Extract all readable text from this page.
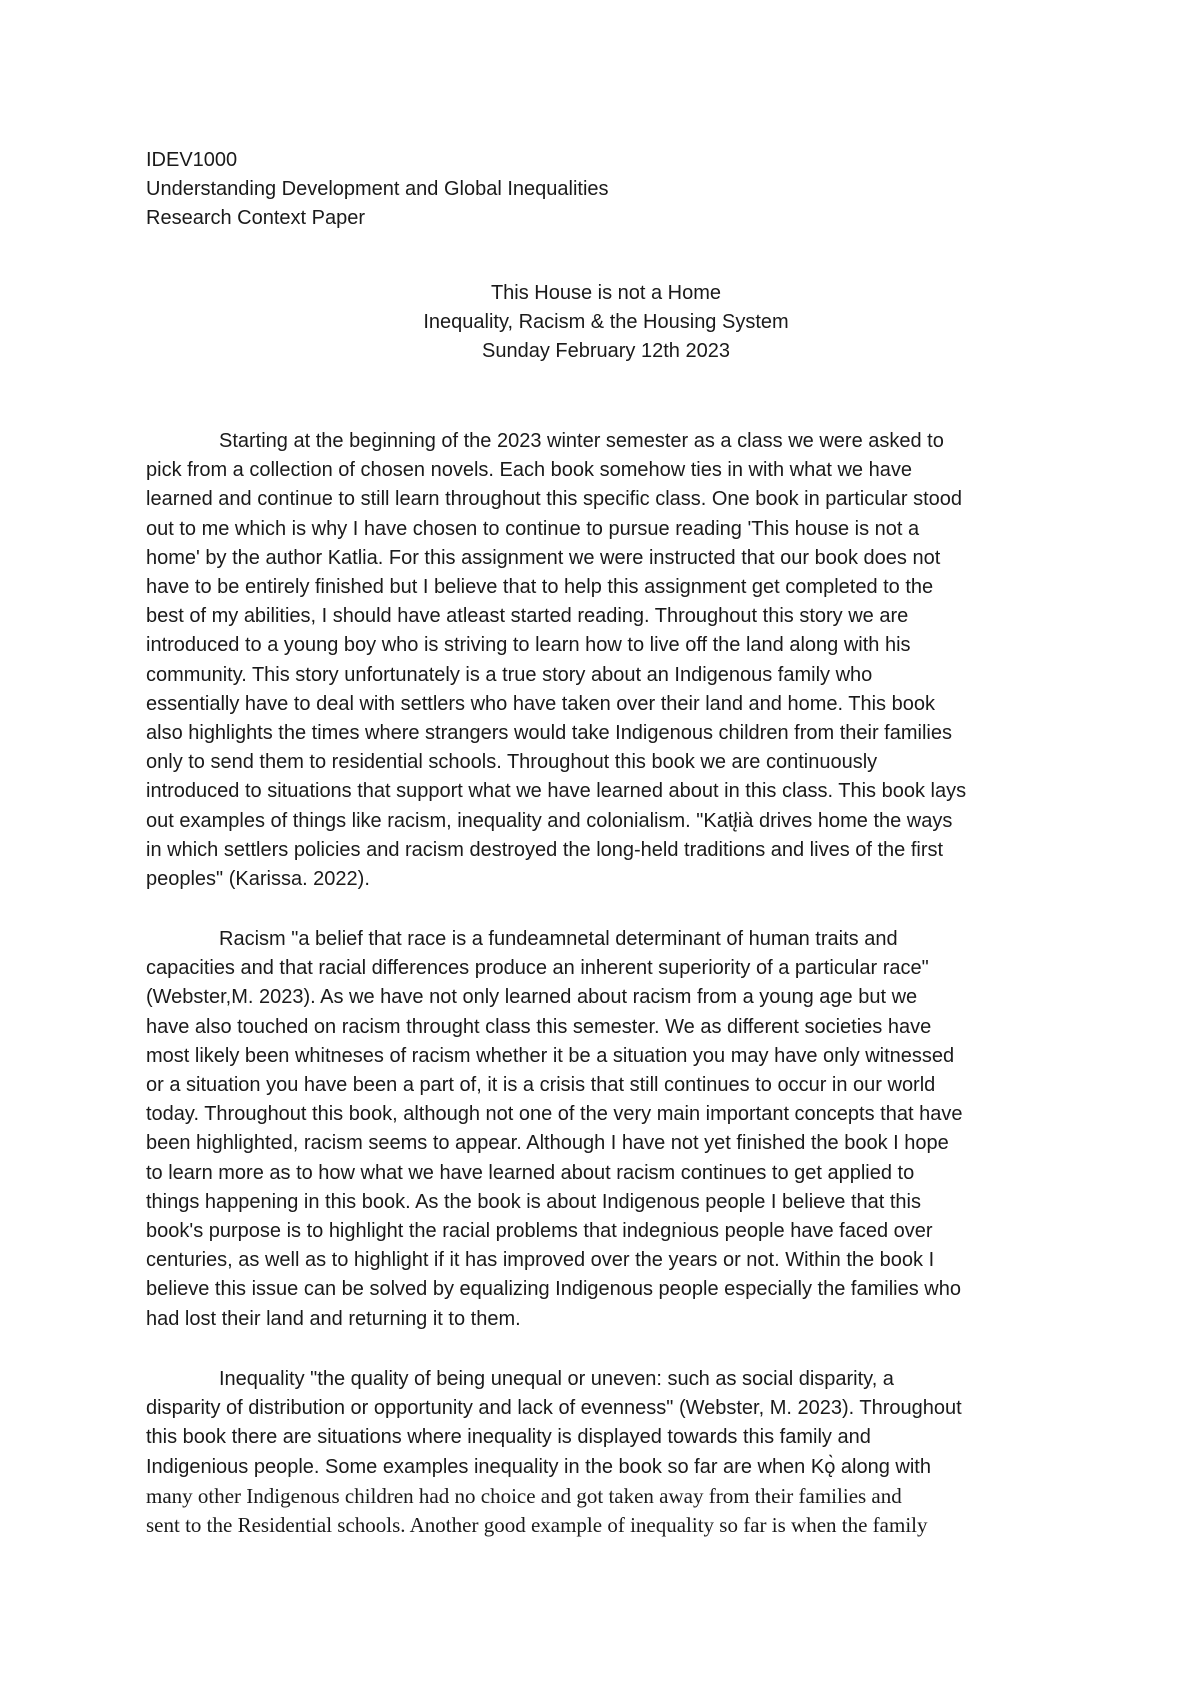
IDEV1000
Understanding Development and Global Inequalities
Research Context Paper
This House is not a Home
Inequality, Racism & the Housing System
Sunday February 12th 2023
Starting at the beginning of the 2023 winter semester as a class we were asked to
pick from a collection of chosen novels. Each book somehow ties in with what we have
learned and continue to still learn throughout this specific class. One book in particular stood
out to me which is why I have chosen to continue to pursue reading 'This house is not a
home' by the author Katlia. For this assignment we were instructed that our book does not
have to be entirely finished but I believe that to help this assignment get completed to the
best of my abilities, I should have atleast started reading. Throughout this story we are
introduced to a young boy who is striving to learn how to live off the land along with his
community. This story unfortunately is a true story about an Indigenous family who
essentially have to deal with settlers who have taken over their land and home. This book
also highlights the times where strangers would take Indigenous children from their families
only to send them to residential schools. Throughout this book we are continuously
introduced to situations that support what we have learned about in this class. This book lays
out examples of things like racism, inequality and colonialism. "Katł̨ià drives home the ways
in which settlers policies and racism destroyed the long-held traditions and lives of the first
peoples" (Karissa. 2022).
Racism "a belief that race is a fundeamnetal determinant of human traits and
capacities and that racial differences produce an inherent superiority of a particular race"
(Webster,M. 2023). As we have not only learned about racism from a young age but we
have also touched on racism throught class this semester. We as different societies have
most likely been whitneses of racism whether it be a situation you may have only witnessed
or a situation you have been a part of, it is a crisis that still continues to occur in our world
today. Throughout this book, although not one of the very main important concepts that have
been highlighted, racism seems to appear. Although I have not yet finished the book I hope
to learn more as to how what we have learned about racism continues to get applied to
things happening in this book. As the book is about Indigenous people I believe that this
book's purpose is to highlight the racial problems that indegnious people have faced over
centuries, as well as to highlight if it has improved over the years or not. Within the book I
believe this issue can be solved by equalizing Indigenous people especially the families who
had lost their land and returning it to them.
Inequality "the quality of being unequal or uneven: such as social disparity, a
disparity of distribution or opportunity and lack of evenness" (Webster, M. 2023). Throughout
this book there are situations where inequality is displayed towards this family and
Indigenious people. Some examples inequality in the book so far are when Kǫ̀ along with
many other Indigenous children had no choice and got taken away from their families and
sent to the Residential schools. Another good example of inequality so far is when the family
